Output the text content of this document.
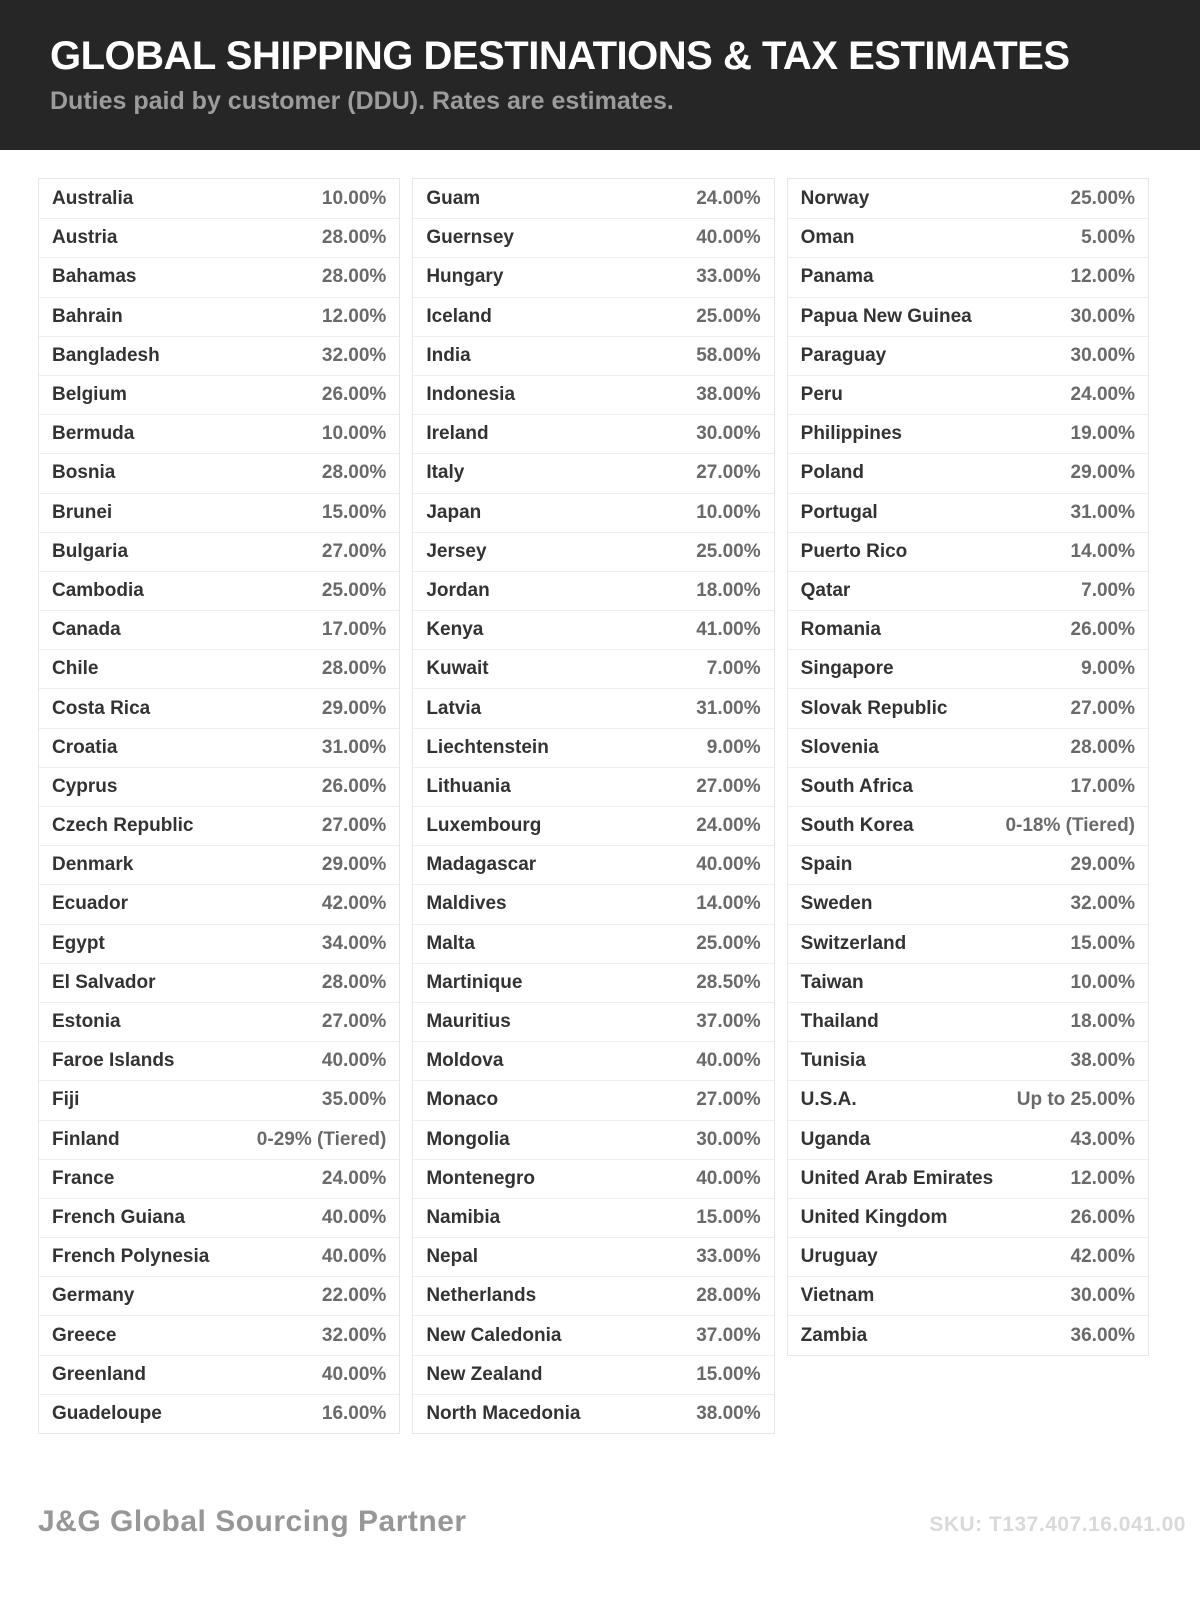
GLOBAL SHIPPING DESTINATIONS & TAX ESTIMATES

Duties paid by customer (DDU). Rates are estimates.

Australia	10.00%
Austria	28.00%
Bahamas	28.00%
Bahrain	12.00%
Bangladesh	32.00%
Belgium	26.00%
Bermuda	10.00%
Bosnia	28.00%
Brunei	15.00%
Bulgaria	27.00%
Cambodia	25.00%
Canada	17.00%
Chile	28.00%
Costa Rica	29.00%
Croatia	31.00%
Cyprus	26.00%
Czech Republic	27.00%
Denmark	29.00%
Ecuador	42.00%
Egypt	34.00%
El Salvador	28.00%
Estonia	27.00%
Faroe Islands	40.00%
Fiji	35.00%
Finland	0-29% (Tiered)
France	24.00%
French Guiana	40.00%
French Polynesia	40.00%
Germany	22.00%
Greece	32.00%
Greenland	40.00%
Guadeloupe	16.00%
Guam	24.00%
Guernsey	40.00%
Hungary	33.00%
Iceland	25.00%
India	58.00%
Indonesia	38.00%
Ireland	30.00%
Italy	27.00%
Japan	10.00%
Jersey	25.00%
Jordan	18.00%
Kenya	41.00%
Kuwait	7.00%
Latvia	31.00%
Liechtenstein	9.00%
Lithuania	27.00%
Luxembourg	24.00%
Madagascar	40.00%
Maldives	14.00%
Malta	25.00%
Martinique	28.50%
Mauritius	37.00%
Moldova	40.00%
Monaco	27.00%
Mongolia	30.00%
Montenegro	40.00%
Namibia	15.00%
Nepal	33.00%
Netherlands	28.00%
New Caledonia	37.00%
New Zealand	15.00%
North Macedonia	38.00%
Norway	25.00%
Oman	5.00%
Panama	12.00%
Papua New Guinea	30.00%
Paraguay	30.00%
Peru	24.00%
Philippines	19.00%
Poland	29.00%
Portugal	31.00%
Puerto Rico	14.00%
Qatar	7.00%
Romania	26.00%
Singapore	9.00%
Slovak Republic	27.00%
Slovenia	28.00%
South Africa	17.00%
South Korea	0-18% (Tiered)
Spain	29.00%
Sweden	32.00%
Switzerland	15.00%
Taiwan	10.00%
Thailand	18.00%
Tunisia	38.00%
U.S.A.	Up to 25.00%
Uganda	43.00%
United Arab Emirates	12.00%
United Kingdom	26.00%
Uruguay	42.00%
Vietnam	30.00%
Zambia	36.00%
J&G Global Sourcing Partner	SKU: T137.407.16.041.00
